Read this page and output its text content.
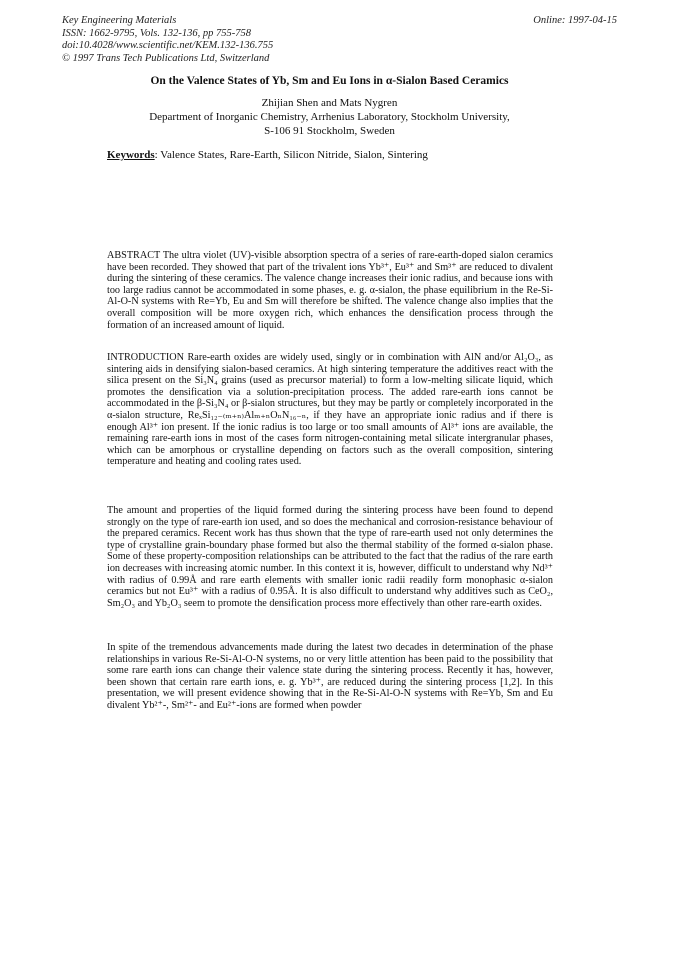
Key Engineering Materials
ISSN: 1662-9795, Vols. 132-136, pp 755-758
doi:10.4028/www.scientific.net/KEM.132-136.755
© 1997 Trans Tech Publications Ltd, Switzerland
Online: 1997-04-15
On the Valence States of Yb, Sm and Eu Ions in α-Sialon Based Ceramics
Zhijian Shen and Mats Nygren
Department of Inorganic Chemistry, Arrhenius Laboratory, Stockholm University,
S-106 91 Stockholm, Sweden
Keywords: Valence States, Rare-Earth, Silicon Nitride, Sialon, Sintering

ABSTRACT The ultra violet (UV)-visible absorption spectra of a series of rare-earth-doped sialon ceramics have been recorded. They showed that part of the trivalent ions Yb³⁺, Eu³⁺ and Sm³⁺ are reduced to divalent during the sintering of these ceramics. The valence change increases their ionic radius, and because ions with too large radius cannot be accommodated in some phases, e. g. α-sialon, the phase equilibrium in the Re-Si-Al-O-N systems with Re=Yb, Eu and Sm will therefore be shifted. The valence change also implies that the overall composition will be more oxygen rich, which enhances the densification process through the formation of an increased amount of liquid.

INTRODUCTION Rare-earth oxides are widely used, singly or in combination with AlN and/or Al₂O₃, as sintering aids in densifying sialon-based ceramics. At high sintering temperature the additives react with the silica present on the Si₃N₄ grains (used as precursor material) to form a low-melting silicate liquid, which promotes the densification via a solution-precipitation process. The added rare-earth ions cannot be accommodated in the β-Si₃N₄ or β-sialon structures, but they may be partly or completely incorporated in the α-sialon structure, ReₓSi₁₂₋₍ₘ₊ₙ₎Alₘ₊ₙOₙN₁₆₋ₙ, if they have an appropriate ionic radius and if there is enough Al³⁺ ion present. If the ionic radius is too large or too small amounts of Al³⁺ ions are available, the remaining rare-earth ions in most of the cases form nitrogen-containing metal silicate intergranular phases, which can be amorphous or crystalline depending on factors such as the overall composition, sintering temperature and heating and cooling rates used.

The amount and properties of the liquid formed during the sintering process have been found to depend strongly on the type of rare-earth ion used, and so does the mechanical and corrosion-resistance behaviour of the prepared ceramics. Recent work has thus shown that the type of rare-earth used not only determines the type of crystalline grain-boundary phase formed but also the thermal stability of the formed α-sialon phase. Some of these property-composition relationships can be attributed to the fact that the radius of the rare earth ion decreases with increasing atomic number. In this context it is, however, difficult to understand why Nd³⁺ with radius of 0.99Å and rare earth elements with smaller ionic radii readily form monophasic α-sialon ceramics but not Eu³⁺ with a radius of 0.95Å. It is also difficult to understand why additives such as CeO₂, Sm₂O₃ and Yb₂O₃ seem to promote the densification process more effectively than other rare-earth oxides.

In spite of the tremendous advancements made during the latest two decades in determination of the phase relationships in various Re-Si-Al-O-N systems, no or very little attention has been paid to the possibility that some rare earth ions can change their valence state during the sintering process. Recently it has, however, been shown that certain rare earth ions, e. g. Yb³⁺, are reduced during the sintering process [1,2]. In this presentation, we will present evidence showing that in the Re-Si-Al-O-N systems with Re=Yb, Sm and Eu divalent Yb²⁺-, Sm²⁺- and Eu²⁺-ions are formed when powder
